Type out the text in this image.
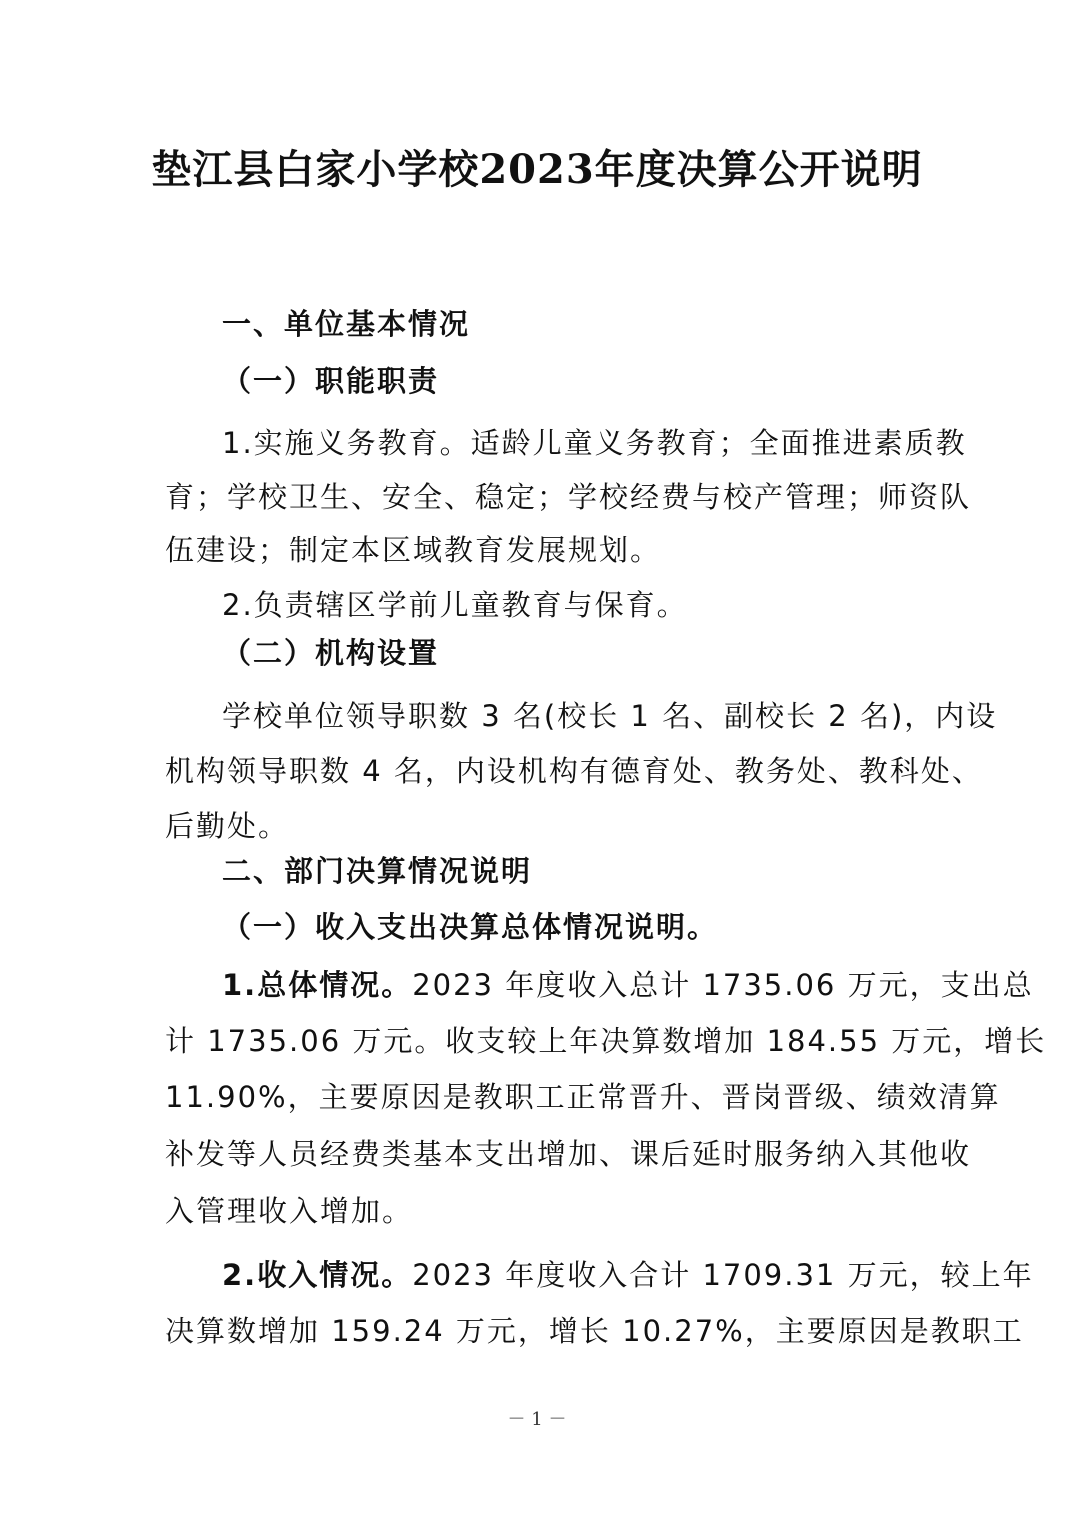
垫江县白家小学校2023年度决算公开说明
一、单位基本情况
（一）职能职责
1.实施义务教育。适龄儿童义务教育；全面推进素质教
育；学校卫生、安全、稳定；学校经费与校产管理；师资队
伍建设；制定本区域教育发展规划。
2.负责辖区学前儿童教育与保育。
（二）机构设置
学校单位领导职数 3 名(校长 1 名、副校长 2 名)，内设
机构领导职数 4 名，内设机构有德育处、教务处、教科处、
后勤处。
二、部门决算情况说明
（一）收入支出决算总体情况说明。
1.总体情况。2023 年度收入总计 1735.06 万元，支出总
计 1735.06 万元。收支较上年决算数增加 184.55 万元，增长
11.90%，主要原因是教职工正常晋升、晋岗晋级、绩效清算
补发等人员经费类基本支出增加、课后延时服务纳入其他收
入管理收入增加。
2.收入情况。2023 年度收入合计 1709.31 万元，较上年
决算数增加 159.24 万元，增长 10.27%，主要原因是教职工
－ 1 －
